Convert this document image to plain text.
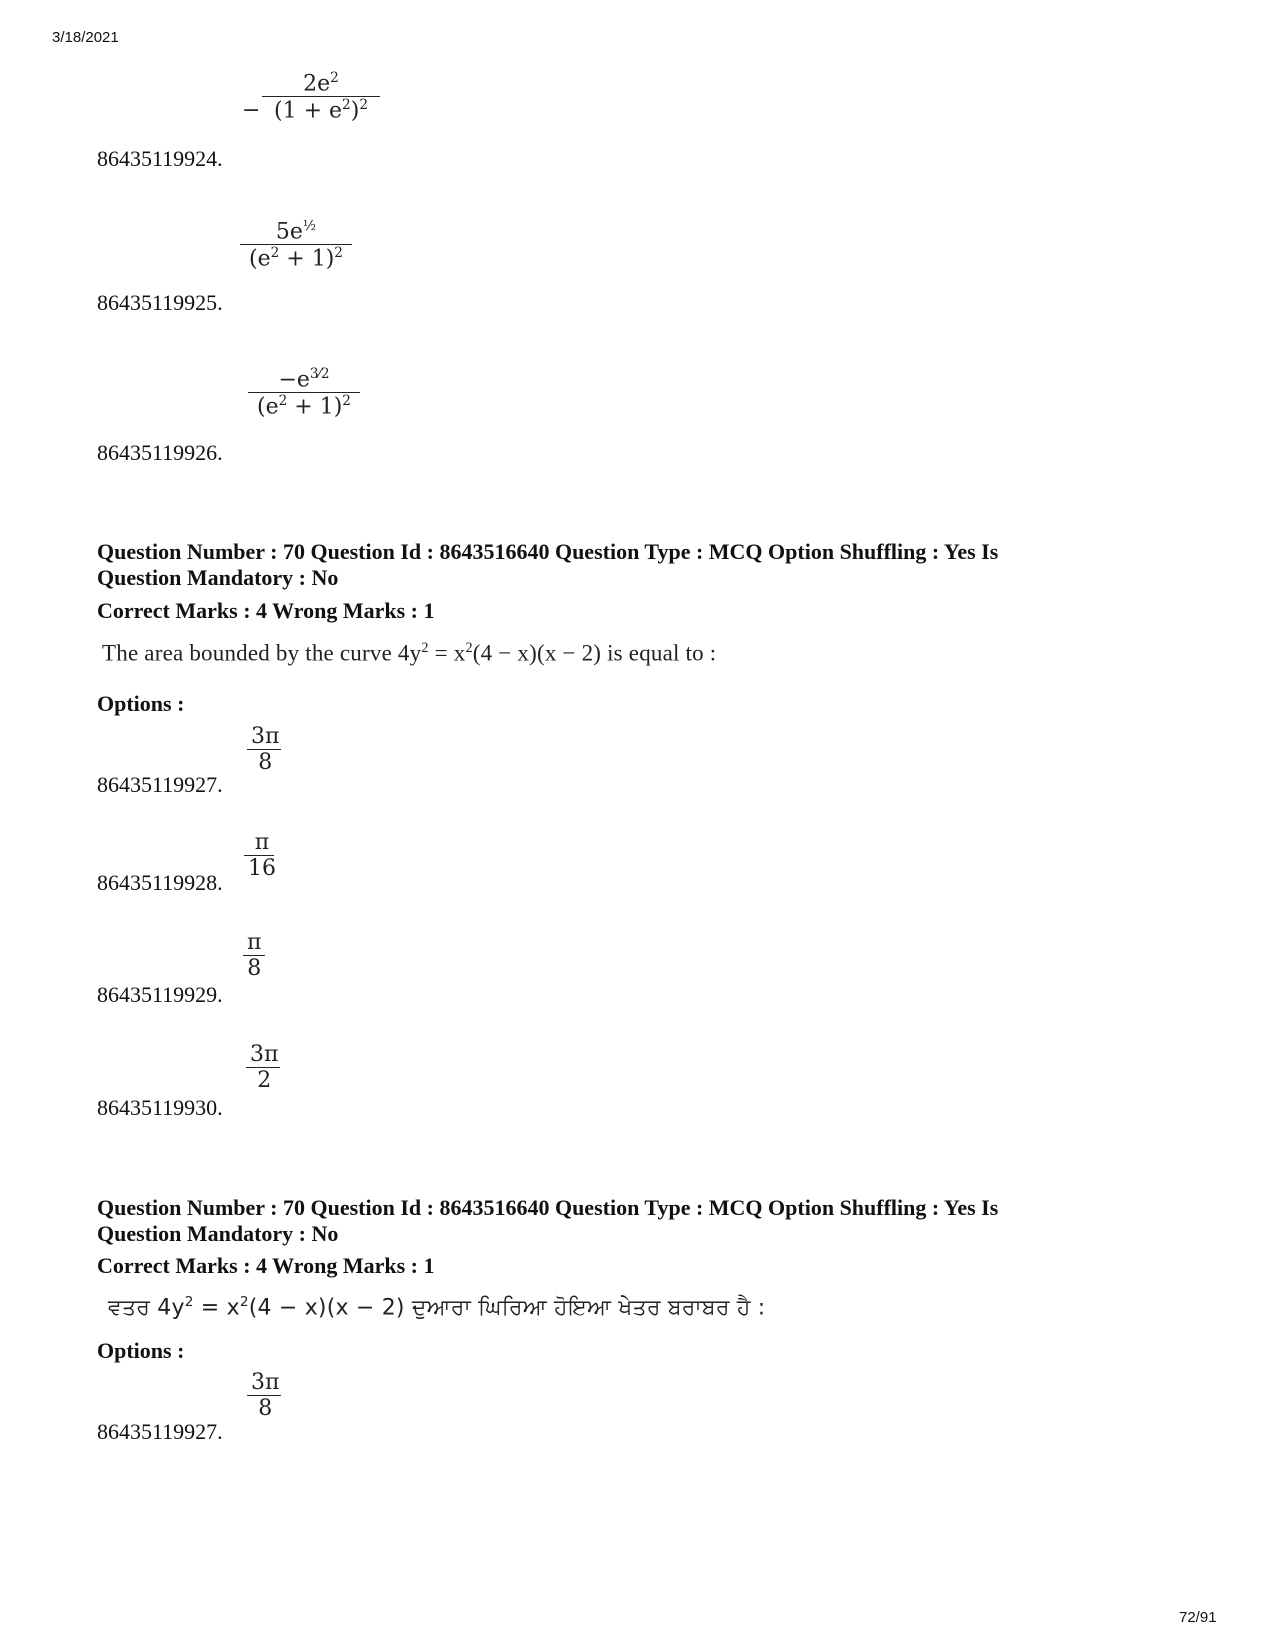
3/18/2021
−
$2e^2$
$(1 + e^2)^2$
86435119924.
$5e^{\frac{1}{2}}$
$(e^2 + 1)^2$
86435119925.
$-e^{3⁄2}$
$(e^2 + 1)^2$
86435119926.
Question Number : 70 Question Id : 8643516640 Question Type : MCQ Option Shuffling : Yes Is
Question Mandatory : No
Correct Marks : 4 Wrong Marks : 1
The area bounded by the curve $4y^2 = x^2(4 - x)(x - 2)$ is equal to :
Options :
3π
8
86435119927.
π
16
86435119928.
π
8
86435119929.
3π
2
86435119930.
Question Number : 70 Question Id : 8643516640 Question Type : MCQ Option Shuffling : Yes Is
Question Mandatory : No
Correct Marks : 4 Wrong Marks : 1
ਵਤਰ $4y^2 = x^2(4 - x)(x - 2)$ ਦੁਆਰਾ ਘਿਰਿਆ ਹੋਇਆ ਖੇਤਰ ਬਰਾਬਰ ਹੈ :
Options :
3π
8
86435119927.
72/91
